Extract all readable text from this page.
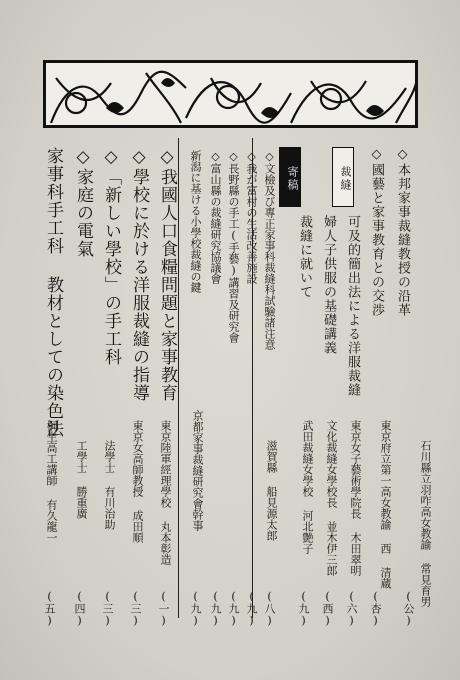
寄稿	裁縫	◇本邦家事裁縫教授の沿革
石川縣立羽咋高女教諭 常見育男
(公)
◇國藝と家事教育との交渉
東京府立第一高女教諭 西 清蔵
(杏)
可及的簡出法による洋服裁縫
東京女子藝術學院長 木田翠明
(六)
婦人子供服の基礎講義
文化裁縫女學校長 並木伊三郎
(西)
裁縫に就いて
武田裁縫女學校 河北艶子
(九)
◇文檢及び專正家事科裁縫科試驗諸注意
滋賀縣 船見源太郎
(八)
◇我が富村の生活改善施設
(九)
◇長野縣の手工(手藝)講習及研究會
(九)
◇富山縣の裁縫研究協議會
(九)
新潟に基ける小學校裁縫の鍵
京都家事裁縫研究會幹事
(九)
◇我國人口食糧問題と家事教育
東京陸軍經理學校 丸本彰造
(一)
◇學校に於ける洋服裁縫の指導
東京女高師教授 成田順
(三)
◇「新しい學校」の手工科
法學士 有川治助
(三)
◇家庭の電氣
工學士 勝重廣
(四)
家事科手工科 教材としての染色法
桐生高工講師 有久龍一
(五)
